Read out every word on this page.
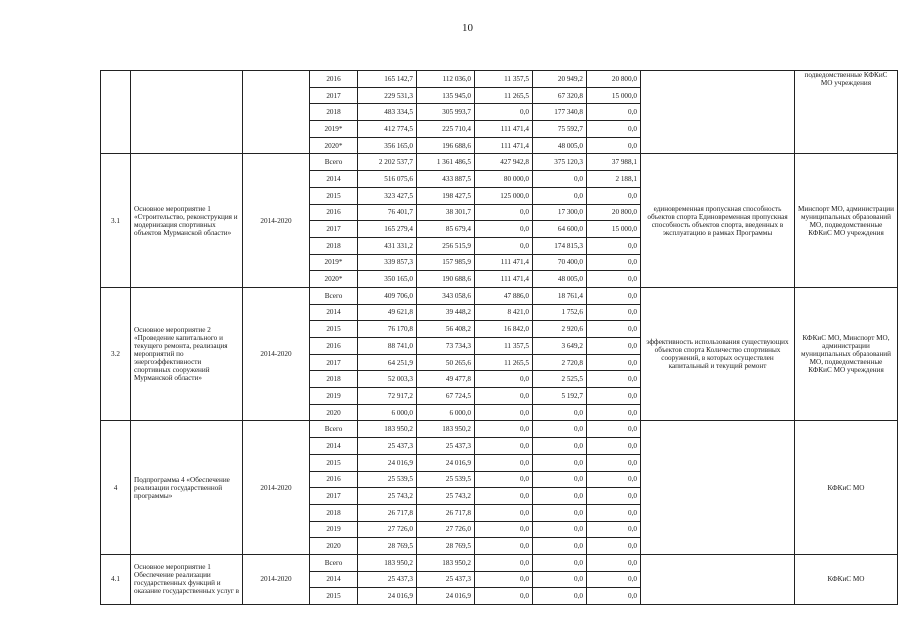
10
			2016	165 142,7	112 036,0	11 357,5	20 949,2	20 800,0		подведомственные КФКиС МО учреждения
			2017	229 531,3	135 945,0	11 265,5	67 320,8	15 000,0		
			2018	483 334,5	305 993,7	0,0	177 340,8	0,0		
			2019*	412 774,5	225 710,4	111 471,4	75 592,7	0,0		
			2020*	356 165,0	196 688,6	111 471,4	48 005,0	0,0		
3.1	Основное мероприятие 1 «Строительство, реконструкция и модернизация спортивных объектов Мурманской области»	2014-2020	Всего	2 202 537,7	1 361 486,5	427 942,8	375 120,3	37 988,1	единовременная пропускная способность объектов спорта Единовременная пропускная способность объектов спорта, введенных в эксплуатацию в рамках Программы	Минспорт МО, администрации муниципальных образований МО, подведомственные КФКиС МО учреждения
			2014	516 075,6	433 887,5	80 000,0	0,0	2 188,1		
			2015	323 427,5	198 427,5	125 000,0	0,0	0,0		
			2016	76 401,7	38 301,7	0,0	17 300,0	20 800,0		
			2017	165 279,4	85 679,4	0,0	64 600,0	15 000,0		
			2018	431 331,2	256 515,9	0,0	174 815,3	0,0		
			2019*	339 857,3	157 985,9	111 471,4	70 400,0	0,0		
			2020*	350 165,0	190 688,6	111 471,4	48 005,0	0,0		
3.2	Основное мероприятие 2 «Проведение капитального и текущего ремонта, реализация мероприятий по энергоэффективности спортивных сооружений Мурманской области»	2014-2020	Всего	409 706,0	343 058,6	47 886,0	18 761,4	0,0	эффективность использования существующих объектов спорта Количество спортивных сооружений, в которых осуществлен капитальный и текущий ремонт	КФКиС МО, Минспорт МО, администрации муниципальных образований МО, подведомственные КФКиС МО учреждения
			2014	49 621,8	39 448,2	8 421,0	1 752,6	0,0		
			2015	76 170,8	56 408,2	16 842,0	2 920,6	0,0		
			2016	88 741,0	73 734,3	11 357,5	3 649,2	0,0		
			2017	64 251,9	50 265,6	11 265,5	2 720,8	0,0		
			2018	52 003,3	49 477,8	0,0	2 525,5	0,0		
			2019	72 917,2	67 724,5	0,0	5 192,7	0,0		
			2020	6 000,0	6 000,0	0,0	0,0	0,0		
4	Подпрограмма 4 «Обеспечение реализации государственной программы»	2014-2020	Всего	183 950,2	183 950,2	0,0	0,0	0,0		КФКиС МО
			2014	25 437,3	25 437,3	0,0	0,0	0,0		
			2015	24 016,9	24 016,9	0,0	0,0	0,0		
			2016	25 539,5	25 539,5	0,0	0,0	0,0		
			2017	25 743,2	25 743,2	0,0	0,0	0,0		
			2018	26 717,8	26 717,8	0,0	0,0	0,0		
			2019	27 726,0	27 726,0	0,0	0,0	0,0		
			2020	28 769,5	28 769,5	0,0	0,0	0,0		
4.1	Основное мероприятие 1 Обеспечение реализации государственных функций и оказание государственных услуг в	2014-2020	Всего	183 950,2	183 950,2	0,0	0,0	0,0		КФКиС МО
			2014	25 437,3	25 437,3	0,0	0,0	0,0		
			2015	24 016,9	24 016,9	0,0	0,0	0,0		
